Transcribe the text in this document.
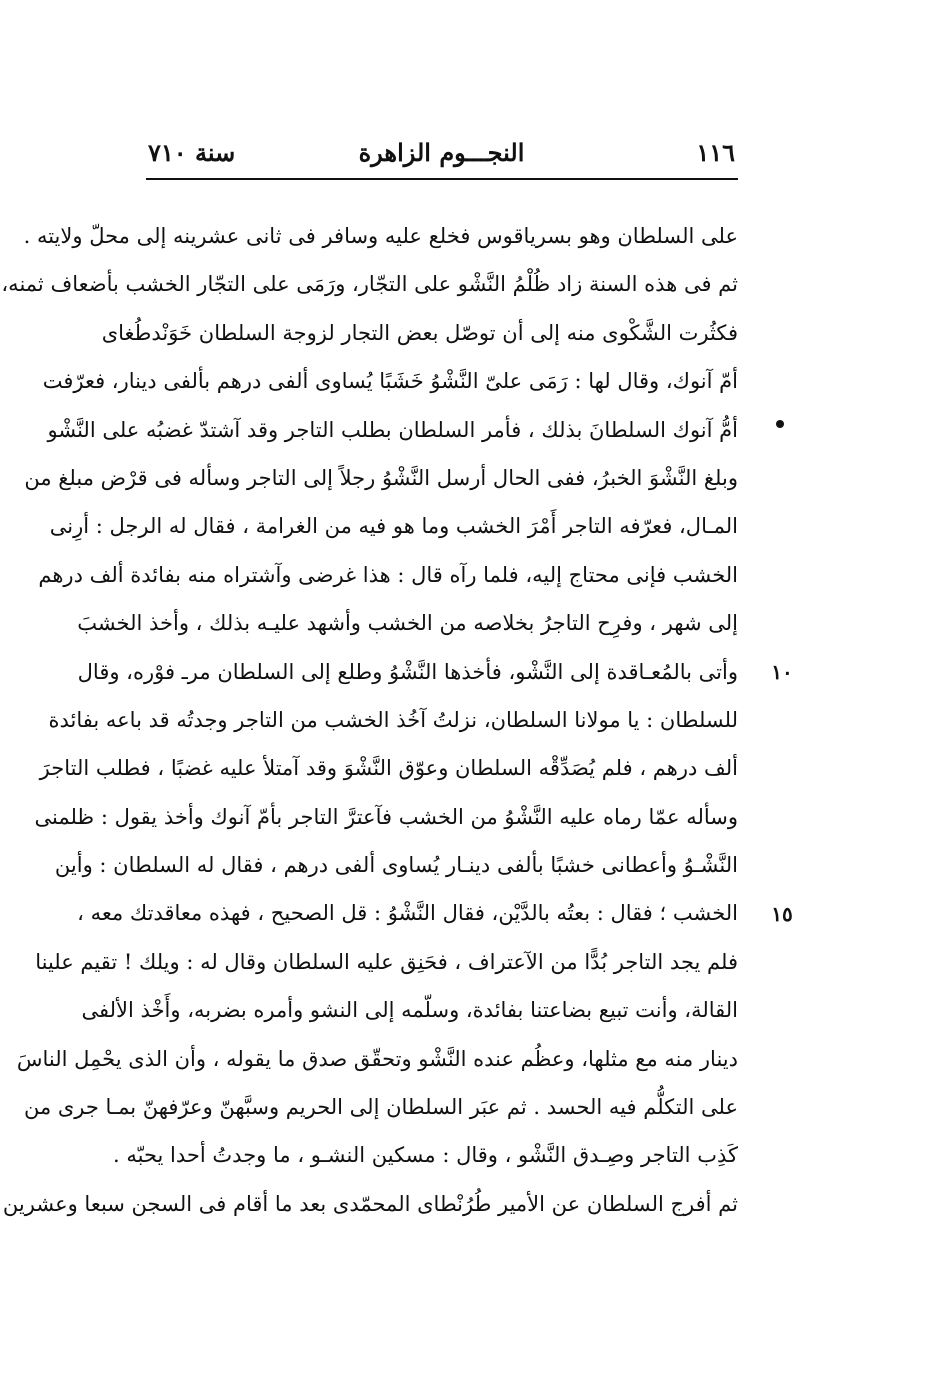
١١٦
النجـــوم الزاهرة
سنة ٧١٠
١٠
١٥
على السلطان وهو بسرياقوس فخلع عليه وسافر فى ثانى عشرينه إلى محلّ ولايته .
ثم فى هذه السنة زاد ظُلْمُ النَّشْو على التجّار، ورَمَى على التجّار الخشب بأضعاف ثمنه،
فكثُرت الشَّكْوى منه إلى أن توصّل بعض التجار لزوجة السلطان خَوَنْدطُغاى
أمّ آنوك، وقال لها : رَمَى علىّ النَّشْوُ خَشَبًا يُساوى ألفى درهم بألفى دينار، فعرّفت
أمُّ آنوك السلطانَ بذلك ، فأمر السلطان بطلب التاجر وقد آشتدّ غضبُه على النَّشْو
وبلغ النَّشْوَ الخبرُ، ففى الحال أرسل النَّشْوُ رجلاً إلى التاجر وسأله فى قرْض مبلغ من
المـال، فعرّفه التاجر أَمْرَ الخشب وما هو فيه من الغرامة ، فقال له الرجل : أرِنى
الخشب فإنى محتاج إليه، فلما رآه قال : هذا غرضى وآشتراه منه بفائدة ألف درهم
إلى شهر ، وفرِح التاجرُ بخلاصه من الخشب وأشهد عليـه بذلك ، وأخذ الخشبَ
وأتى بالمُعـاقدة إلى النَّشْو، فأخذها النَّشْوُ وطلع إلى السلطان مرـ فوْره، وقال
للسلطان : يا مولانا السلطان، نزلتُ آخُذ الخشب من التاجر وجدتُه قد باعه بفائدة
ألف درهم ، فلم يُصَدِّقْه السلطان وعوّق النَّشْوَ وقد آمتلأ عليه غضبًا ، فطلب التاجرَ
وسأله عمّا رماه عليه النَّشْوُ من الخشب فآعترَّ التاجر بأمّ آنوك وأخذ يقول : ظلمنى
النَّشْـوُ وأعطانى خشبًا بألفى دينـار يُساوى ألفى درهم ، فقال له السلطان : وأين
الخشب ؛ فقال : بعتُه بالدَّيْن، فقال النَّشْوُ : قل الصحيح ، فهذه معاقدتك معه ،
فلم يجد التاجر بُدًّا من الآعتراف ، فحَنِق عليه السلطان وقال له : ويلك ! تقيم علينا
القالة، وأنت تبيع بضاعتنا بفائدة، وسلّمه إلى النشو وأمره بضربه، وأَخْذ الألفى
دينار منه مع مثلها، وعظُم عنده النَّشْو وتحقّق صدق ما يقوله ، وأن الذى يحْمِل الناسَ
على التكلُّم فيه الحسد . ثم عبَر السلطان إلى الحريم وسبَّهنّ وعرّفهنّ بمـا جرى من
كَذِب التاجر وصِـدق النَّشْو ، وقال : مسكين النشـو ، ما وجدتُ أحدا يحبّه .
ثم أفرج السلطان عن الأمير طُرُنْطاى المحمّدى بعد ما أقام فى السجن سبعا وعشرين
